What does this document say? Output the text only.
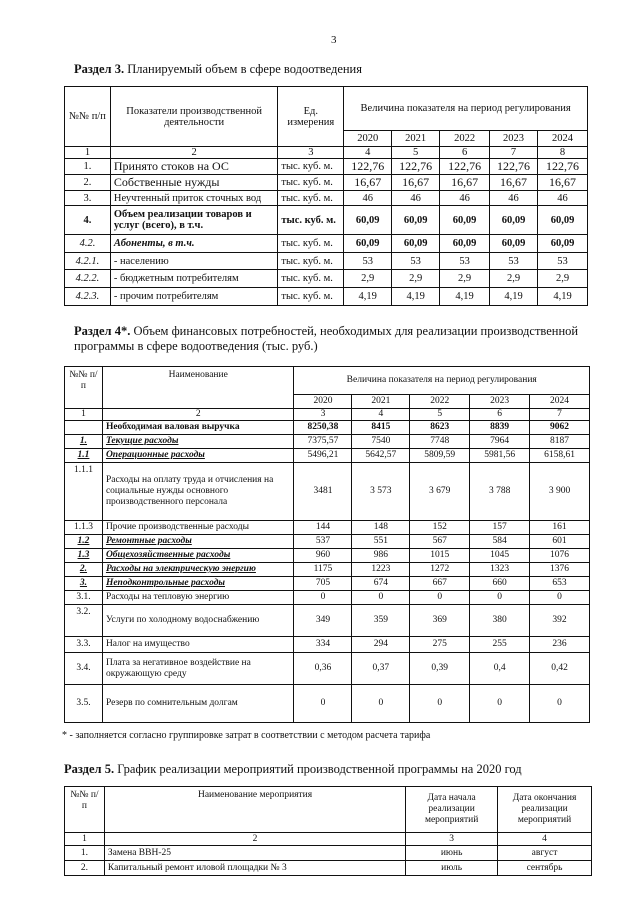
3
Раздел 3. Планируемый объем в сфере водоотведения
№№ п/п	Показатели производственной деятельности	Ед. измерения	Величина показателя на период регулирования				
			2020	2021	2022	2023	2024
1	2	3	4	5	6	7	8
1.	Принято стоков на ОС	тыс. куб. м.	122,76	122,76	122,76	122,76	122,76
2.	Собственные нужды	тыс. куб. м.	16,67	16,67	16,67	16,67	16,67
3.	Неучтенный приток сточных вод	тыс. куб. м.	46	46	46	46	46
4.	Объем реализации товаров и услуг (всего), в т.ч.	тыс. куб. м.	60,09	60,09	60,09	60,09	60,09
4.2.	Абоненты, в т.ч.	тыс. куб. м.	60,09	60,09	60,09	60,09	60,09
4.2.1.	- населению	тыс. куб. м.	53	53	53	53	53
4.2.2.	- бюджетным потребителям	тыс. куб. м.	2,9	2,9	2,9	2,9	2,9
4.2.3.	- прочим потребителям	тыс. куб. м.	4,19	4,19	4,19	4,19	4,19
Раздел 4*. Объем финансовых потребностей, необходимых для реализации производственной
программы в сфере водоотведения (тыс. руб.)
№№ п/п	Наименование	Величина показателя на период регулирования				
		2020	2021	2022	2023	2024
1	2	3	4	5	6	7
	Необходимая валовая выручка	8250,38	8415	8623	8839	9062
1.	Текущие расходы	7375,57	7540	7748	7964	8187
1.1	Операционные расходы	5496,21	5642,57	5809,59	5981,56	6158,61
1.1.1	Расходы на оплату труда и отчисления на социальные нужды основного производственного персонала	3481	3 573	3 679	3 788	3 900
1.1.3	Прочие производственные расходы	144	148	152	157	161
1.2	Ремонтные расходы	537	551	567	584	601
1.3	Общехозяйственные расходы	960	986	1015	1045	1076
2.	Расходы на электрическую энергию	1175	1223	1272	1323	1376
3.	Неподконтрольные расходы	705	674	667	660	653
3.1.	Расходы на тепловую энергию	0	0	0	0	0
3.2.	Услуги по холодному водоснабжению	349	359	369	380	392
3.3.	Налог на имущество	334	294	275	255	236
3.4.	Плата за негативное воздействие на окружающую среду	0,36	0,37	0,39	0,4	0,42
3.5.	Резерв по сомнительным долгам	0	0	0	0	0
* - заполняется согласно группировке затрат в соответствии с методом расчета тарифа
Раздел 5. График реализации мероприятий производственной программы на 2020 год
№№ п/п	Наименование мероприятия	Дата начала реализации мероприятий	Дата окончания реализации мероприятий
1	2	3	4
1.	Замена ВВН-25	июнь	август
2.	Капитальный ремонт иловой площадки № 3	июль	сентябрь
